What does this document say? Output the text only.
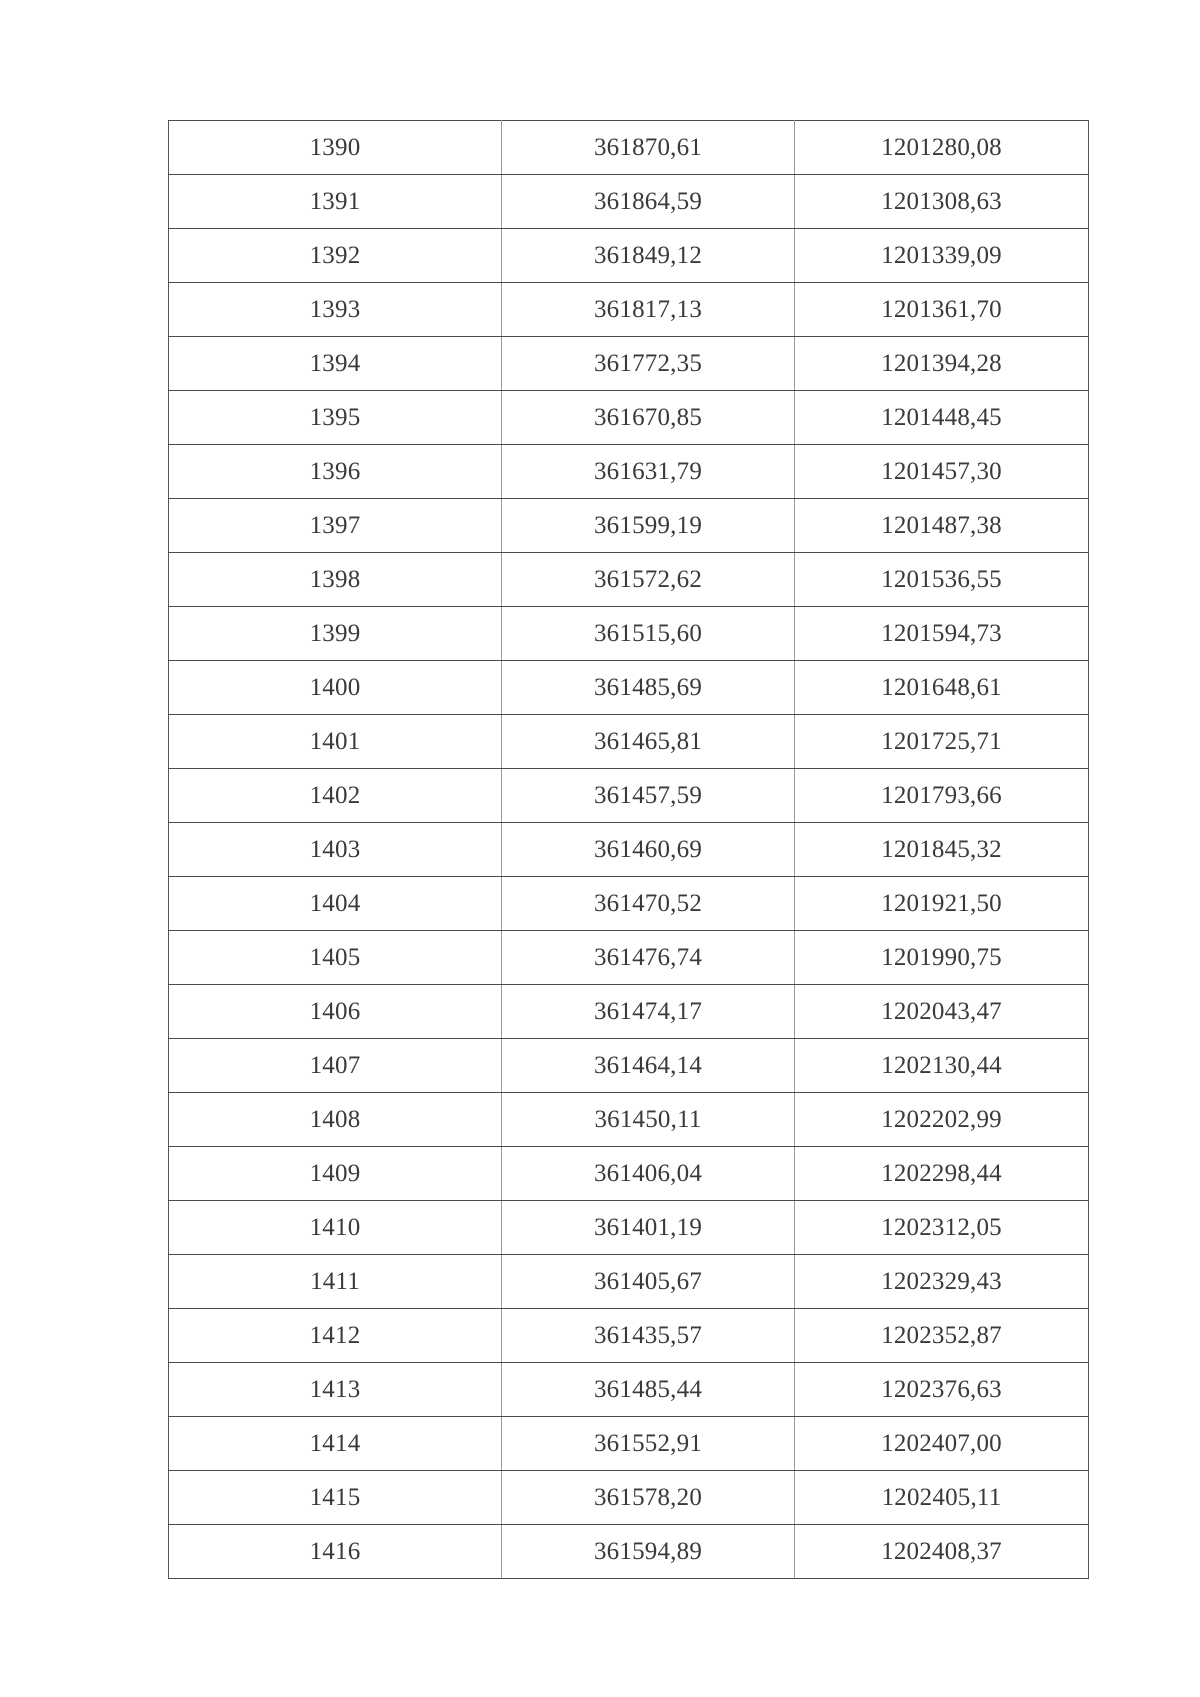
1390	361870,61	1201280,08
1391	361864,59	1201308,63
1392	361849,12	1201339,09
1393	361817,13	1201361,70
1394	361772,35	1201394,28
1395	361670,85	1201448,45
1396	361631,79	1201457,30
1397	361599,19	1201487,38
1398	361572,62	1201536,55
1399	361515,60	1201594,73
1400	361485,69	1201648,61
1401	361465,81	1201725,71
1402	361457,59	1201793,66
1403	361460,69	1201845,32
1404	361470,52	1201921,50
1405	361476,74	1201990,75
1406	361474,17	1202043,47
1407	361464,14	1202130,44
1408	361450,11	1202202,99
1409	361406,04	1202298,44
1410	361401,19	1202312,05
1411	361405,67	1202329,43
1412	361435,57	1202352,87
1413	361485,44	1202376,63
1414	361552,91	1202407,00
1415	361578,20	1202405,11
1416	361594,89	1202408,37
